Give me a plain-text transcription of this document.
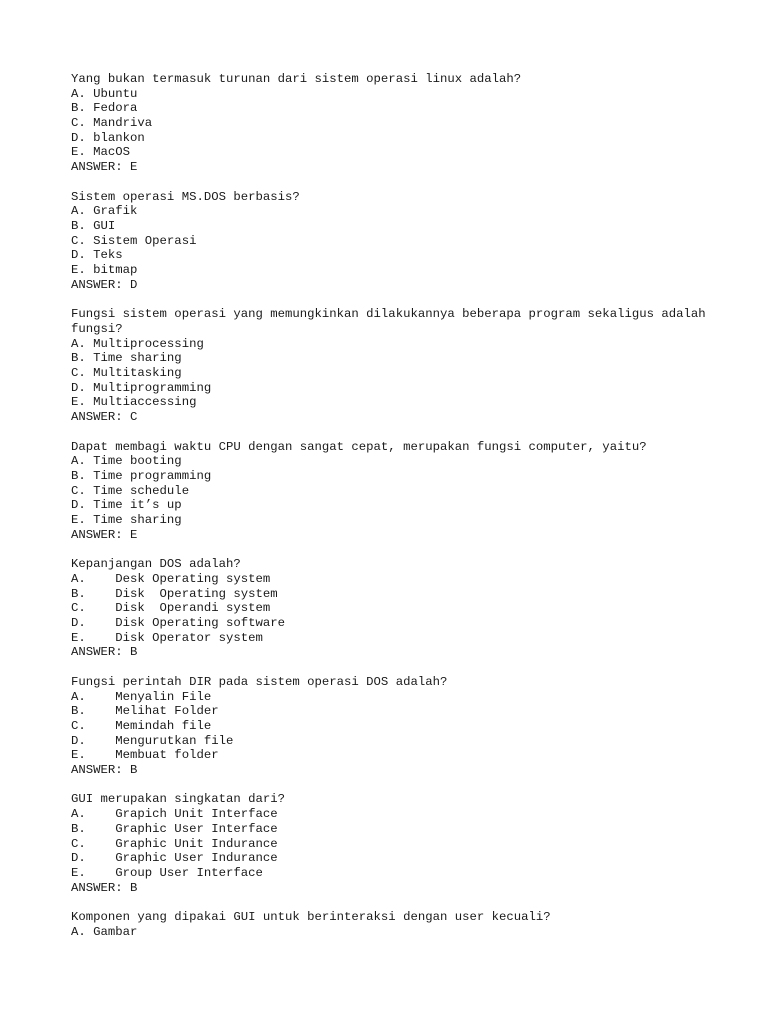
Yang bukan termasuk turunan dari sistem operasi linux adalah?
A. Ubuntu
B. Fedora
C. Mandriva
D. blankon
E. MacOS
ANSWER: E
Sistem operasi MS.DOS berbasis?
A. Grafik
B. GUI
C. Sistem Operasi
D. Teks
E. bitmap
ANSWER: D
Fungsi sistem operasi yang memungkinkan dilakukannya beberapa program sekaligus adalah fungsi?
A. Multiprocessing
B. Time sharing
C. Multitasking
D. Multiprogramming
E. Multiaccessing
ANSWER: C
Dapat membagi waktu CPU dengan sangat cepat, merupakan fungsi computer, yaitu?
A. Time booting
B. Time programming
C. Time schedule
D. Time it’s up
E. Time sharing
ANSWER: E
Kepanjangan DOS adalah?
A.    Desk Operating system
B.    Disk  Operating system
C.    Disk  Operandi system
D.    Disk Operating software
E.    Disk Operator system
ANSWER: B
Fungsi perintah DIR pada sistem operasi DOS adalah?
A.    Menyalin File
B.    Melihat Folder
C.    Memindah file
D.    Mengurutkan file
E.    Membuat folder
ANSWER: B
GUI merupakan singkatan dari?
A.    Grapich Unit Interface
B.    Graphic User Interface
C.    Graphic Unit Indurance
D.    Graphic User Indurance
E.    Group User Interface
ANSWER: B
Komponen yang dipakai GUI untuk berinteraksi dengan user kecuali?
A. Gambar
